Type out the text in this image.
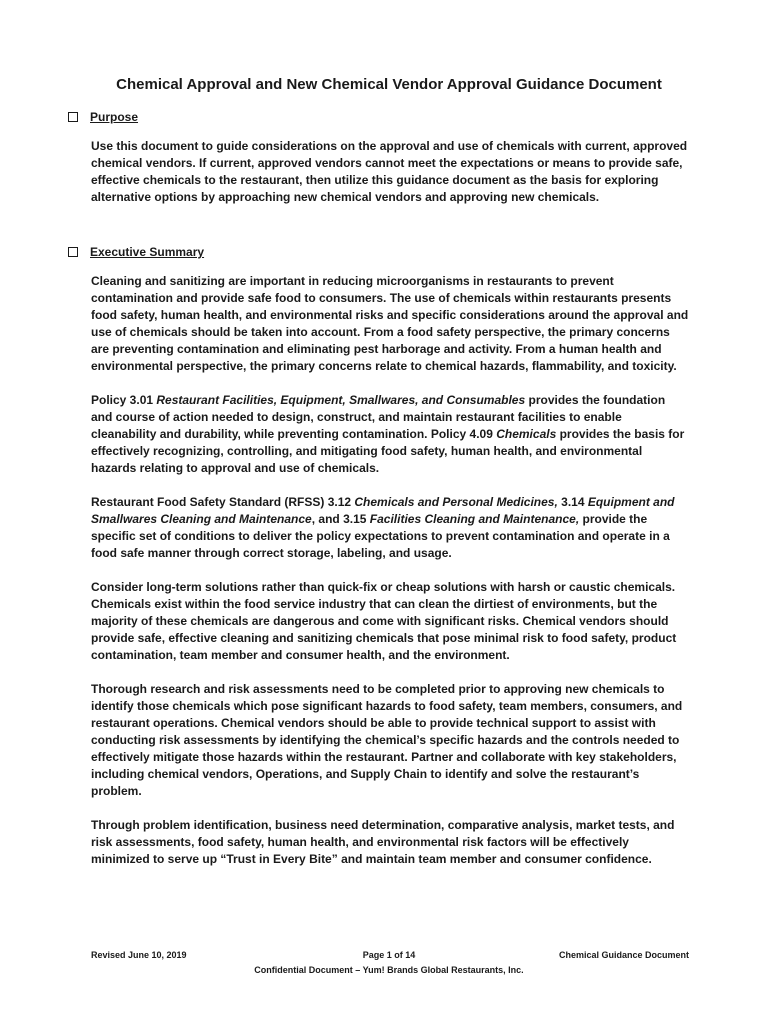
Chemical Approval and New Chemical Vendor Approval Guidance Document
Purpose

Use this document to guide considerations on the approval and use of chemicals with current, approved chemical vendors. If current, approved vendors cannot meet the expectations or means to provide safe, effective chemicals to the restaurant, then utilize this guidance document as the basis for exploring alternative options by approaching new chemical vendors and approving new chemicals.

Executive Summary

Cleaning and sanitizing are important in reducing microorganisms in restaurants to prevent contamination and provide safe food to consumers. The use of chemicals within restaurants presents food safety, human health, and environmental risks and specific considerations around the approval and use of chemicals should be taken into account. From a food safety perspective, the primary concerns are preventing contamination and eliminating pest harborage and activity. From a human health and environmental perspective, the primary concerns relate to chemical hazards, flammability, and toxicity.

Policy 3.01 Restaurant Facilities, Equipment, Smallwares, and Consumables provides the foundation and course of action needed to design, construct, and maintain restaurant facilities to enable cleanability and durability, while preventing contamination. Policy 4.09 Chemicals provides the basis for effectively recognizing, controlling, and mitigating food safety, human health, and environmental hazards relating to approval and use of chemicals.

Restaurant Food Safety Standard (RFSS) 3.12 Chemicals and Personal Medicines, 3.14 Equipment and Smallwares Cleaning and Maintenance, and 3.15 Facilities Cleaning and Maintenance, provide the specific set of conditions to deliver the policy expectations to prevent contamination and operate in a food safe manner through correct storage, labeling, and usage.

Consider long-term solutions rather than quick-fix or cheap solutions with harsh or caustic chemicals. Chemicals exist within the food service industry that can clean the dirtiest of environments, but the majority of these chemicals are dangerous and come with significant risks. Chemical vendors should provide safe, effective cleaning and sanitizing chemicals that pose minimal risk to food safety, product contamination, team member and consumer health, and the environment.

Thorough research and risk assessments need to be completed prior to approving new chemicals to identify those chemicals which pose significant hazards to food safety, team members, consumers, and restaurant operations. Chemical vendors should be able to provide technical support to assist with conducting risk assessments by identifying the chemical’s specific hazards and the controls needed to effectively mitigate those hazards within the restaurant. Partner and collaborate with key stakeholders, including chemical vendors, Operations, and Supply Chain to identify and solve the restaurant’s problem.

Through problem identification, business need determination, comparative analysis, market tests, and risk assessments, food safety, human health, and environmental risk factors will be effectively minimized to serve up “Trust in Every Bite” and maintain team member and consumer confidence.

Revised June 10, 2019	Chemical Guidance Document
Page 1 of 14
Confidential Document – Yum! Brands Global Restaurants, Inc.
